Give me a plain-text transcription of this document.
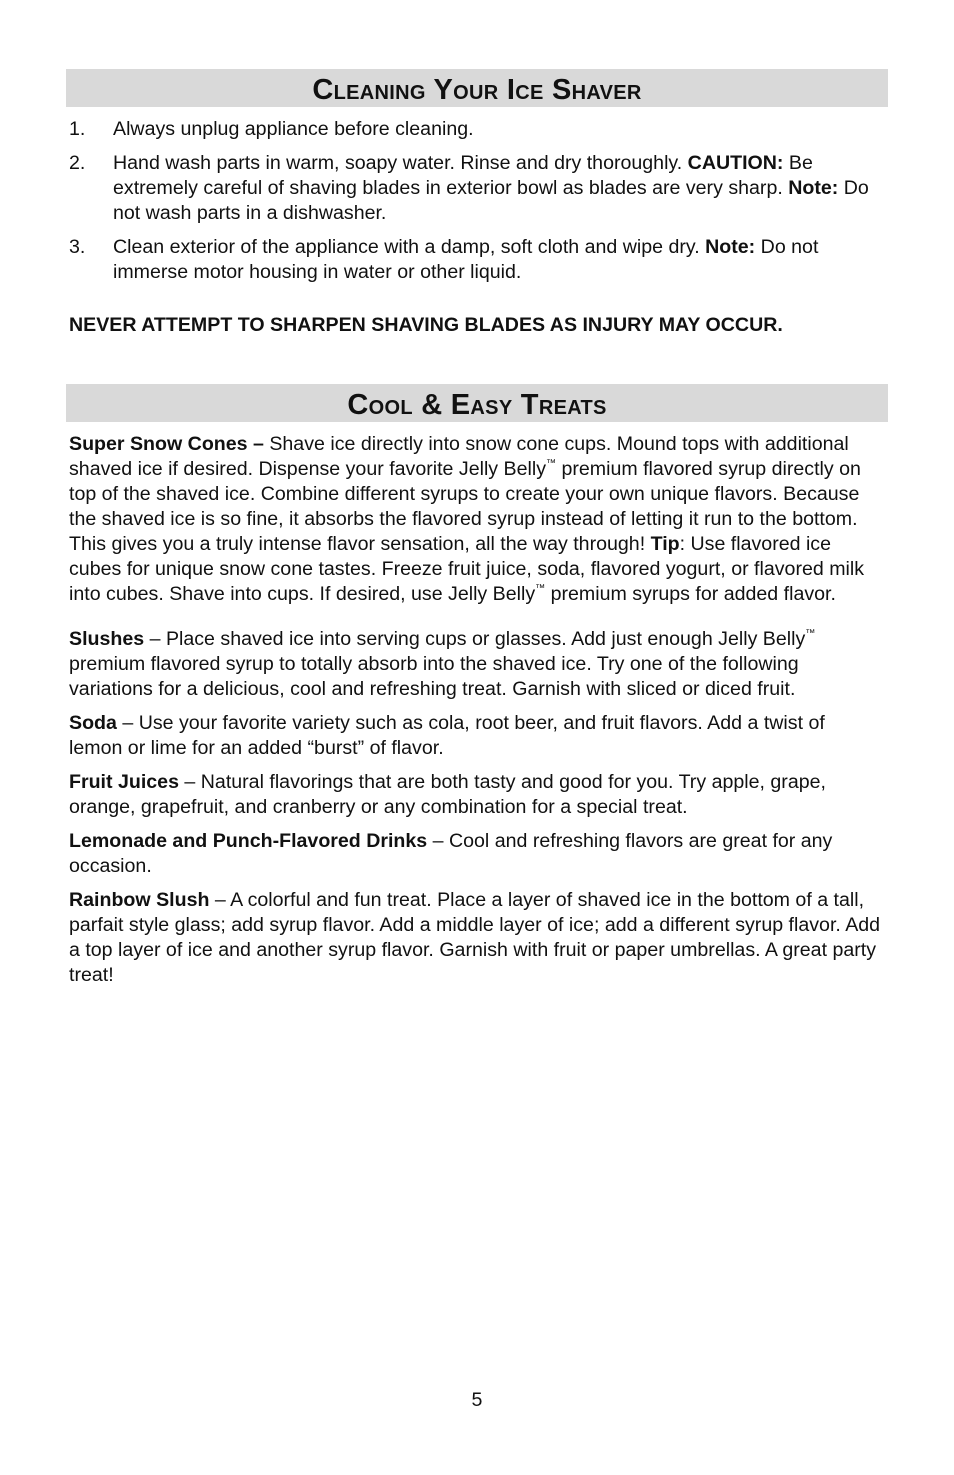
Cleaning Your Ice Shaver
1. Always unplug appliance before cleaning.
2. Hand wash parts in warm, soapy water. Rinse and dry thoroughly. CAUTION: Be extremely careful of shaving blades in exterior bowl as blades are very sharp. Note: Do not wash parts in a dishwasher.
3. Clean exterior of the appliance with a damp, soft cloth and wipe dry. Note: Do not immerse motor housing in water or other liquid.
NEVER ATTEMPT TO SHARPEN SHAVING BLADES AS INJURY MAY OCCUR.
Cool & Easy Treats

Super Snow Cones – Shave ice directly into snow cone cups. Mound tops with additional shaved ice if desired. Dispense your favorite Jelly Belly™ premium flavored syrup directly on top of the shaved ice. Combine different syrups to create your own unique flavors. Because the shaved ice is so fine, it absorbs the flavored syrup instead of letting it run to the bottom. This gives you a truly intense flavor sensation, all the way through! Tip: Use flavored ice cubes for unique snow cone tastes. Freeze fruit juice, soda, flavored yogurt, or flavored milk into cubes. Shave into cups. If desired, use Jelly Belly™ premium syrups for added flavor.

Slushes – Place shaved ice into serving cups or glasses. Add just enough Jelly Belly™ premium flavored syrup to totally absorb into the shaved ice. Try one of the following variations for a delicious, cool and refreshing treat. Garnish with sliced or diced fruit.

Soda – Use your favorite variety such as cola, root beer, and fruit flavors. Add a twist of lemon or lime for an added “burst” of flavor.

Fruit Juices – Natural flavorings that are both tasty and good for you. Try apple, grape, orange, grapefruit, and cranberry or any combination for a special treat.

Lemonade and Punch-Flavored Drinks – Cool and refreshing flavors are great for any occasion.

Rainbow Slush – A colorful and fun treat. Place a layer of shaved ice in the bottom of a tall, parfait style glass; add syrup flavor. Add a middle layer of ice; add a different syrup flavor. Add a top layer of ice and another syrup flavor. Garnish with fruit or paper umbrellas. A great party treat!

5
